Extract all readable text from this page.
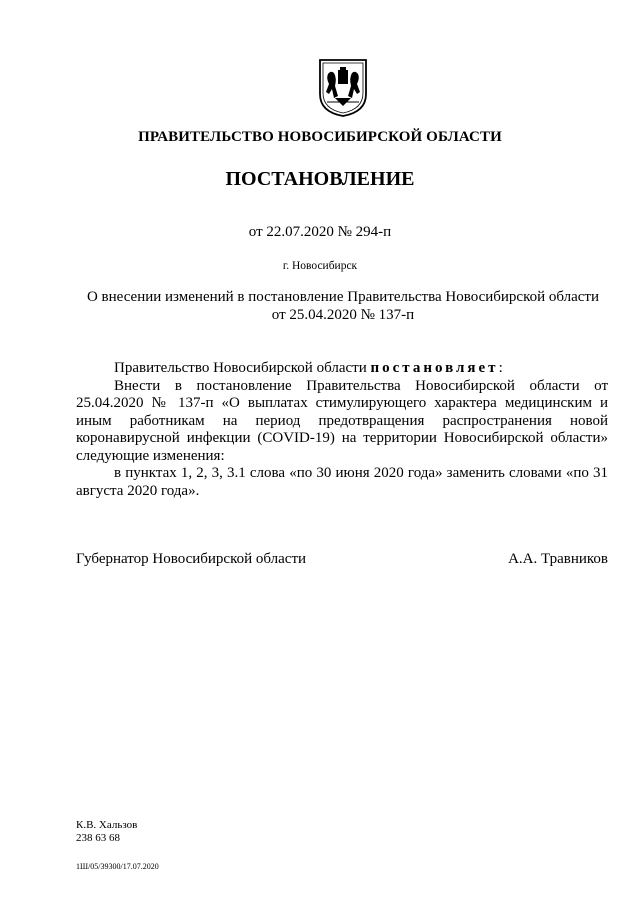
ПРАВИТЕЛЬСТВО НОВОСИБИРСКОЙ ОБЛАСТИ
ПОСТАНОВЛЕНИЕ
от 22.07.2020 № 294-п
г. Новосибирск
О внесении изменений в постановление Правительства Новосибирской области
от 25.04.2020 № 137-п

Правительство Новосибирской области постановляет:

Внести в постановление Правительства Новосибирской области от 25.04.2020 № 137-п «О выплатах стимулирующего характера медицинским и иным работникам на период предотвращения распространения новой коронавирусной инфекции (COVID-19) на территории Новосибирской области» следующие изменения:

в пунктах 1, 2, 3, 3.1 слова «по 30 июня 2020 года» заменить словами «по 31 августа 2020 года».

Губернатор Новосибирской области	А.А. Травников
К.В. Хальзов
238 63 68
1Ш/05/39300/17.07.2020
